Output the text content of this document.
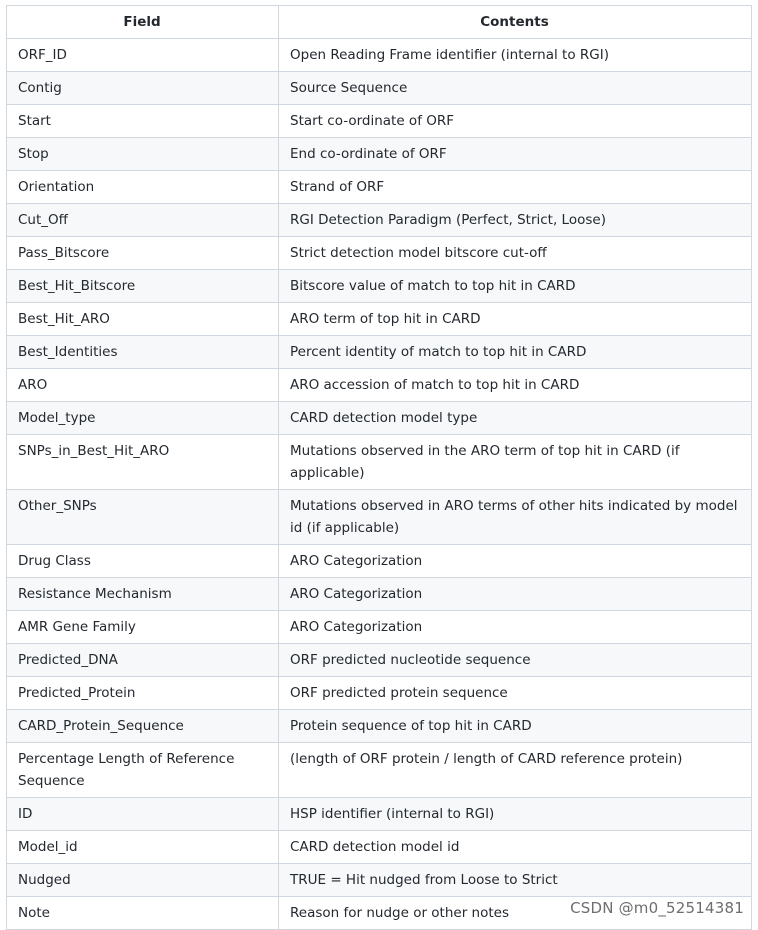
Field	Contents
ORF_ID	Open Reading Frame identifier (internal to RGI)
Contig	Source Sequence
Start	Start co-ordinate of ORF
Stop	End co-ordinate of ORF
Orientation	Strand of ORF
Cut_Off	RGI Detection Paradigm (Perfect, Strict, Loose)
Pass_Bitscore	Strict detection model bitscore cut-off
Best_Hit_Bitscore	Bitscore value of match to top hit in CARD
Best_Hit_ARO	ARO term of top hit in CARD
Best_Identities	Percent identity of match to top hit in CARD
ARO	ARO accession of match to top hit in CARD
Model_type	CARD detection model type
SNPs_in_Best_Hit_ARO	Mutations observed in the ARO term of top hit in CARD (if applicable)
Other_SNPs	Mutations observed in ARO terms of other hits indicated by model id (if applicable)
Drug Class	ARO Categorization
Resistance Mechanism	ARO Categorization
AMR Gene Family	ARO Categorization
Predicted_DNA	ORF predicted nucleotide sequence
Predicted_Protein	ORF predicted protein sequence
CARD_Protein_Sequence	Protein sequence of top hit in CARD
Percentage Length of Reference Sequence	(length of ORF protein / length of CARD reference protein)
ID	HSP identifier (internal to RGI)
Model_id	CARD detection model id
Nudged	TRUE = Hit nudged from Loose to Strict
Note	Reason for nudge or other notes	CSDN @m0_52514381
